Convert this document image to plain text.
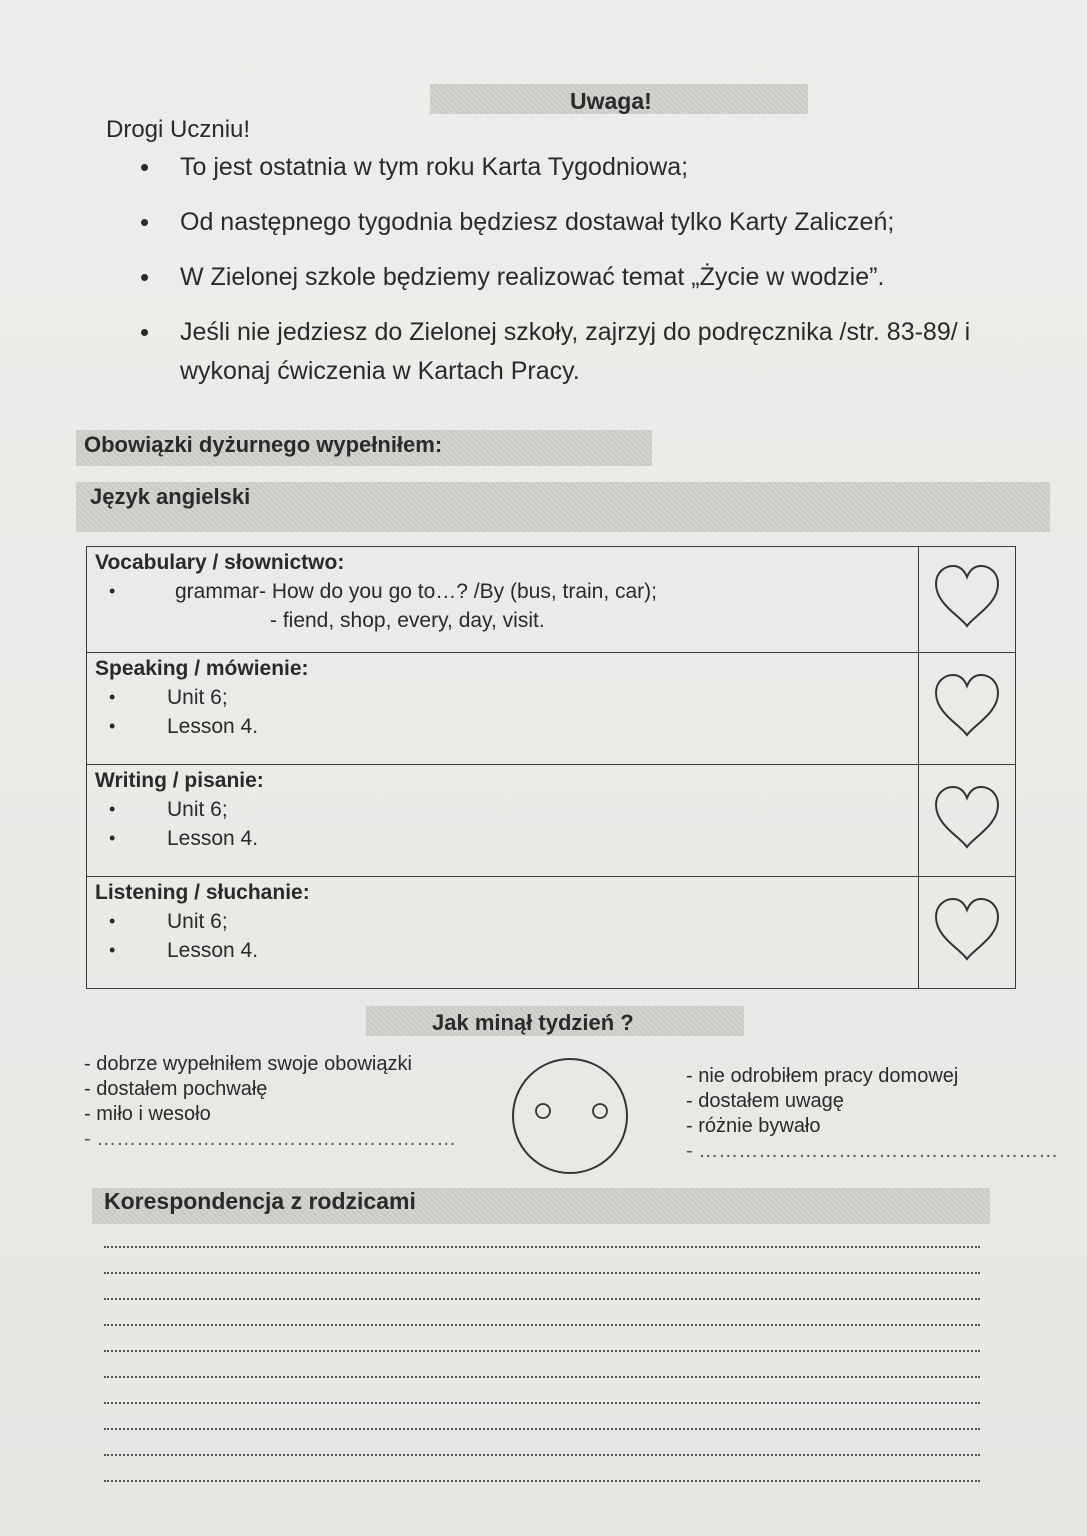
Uwaga!
Drogi Uczniu!
• To jest ostatnia w tym roku Karta Tygodniowa;
• Od następnego tygodnia będziesz dostawał tylko Karty Zaliczeń;
• W Zielonej szkole będziemy realizować temat „Życie w wodzie”.
• Jeśli nie jedziesz do Zielonej szkoły, zajrzyj do podręcznika /str. 83-89/ i wykonaj ćwiczenia w Kartach Pracy.
Obowiązki dyżurnego wypełniłem:
Język angielski
Vocabulary / słownictwo:
• grammar- How do you go to…? /By (bus, train, car);
- fiend, shop, every, day, visit.

Speaking / mówienie:
• Unit 6;
• Lesson 4.

Writing / pisanie:
• Unit 6;
• Lesson 4.

Listening / słuchanie:
• Unit 6;
• Lesson 4.

Jak minął tydzień ?
- dobrze wypełniłem swoje obowiązki
- dostałem pochwałę
- miło i wesoło
- ………………………………………………
- nie odrobiłem pracy domowej
- dostałem uwagę
- różnie bywało
- ………………………………………………
Korespondencja z rodzicami
